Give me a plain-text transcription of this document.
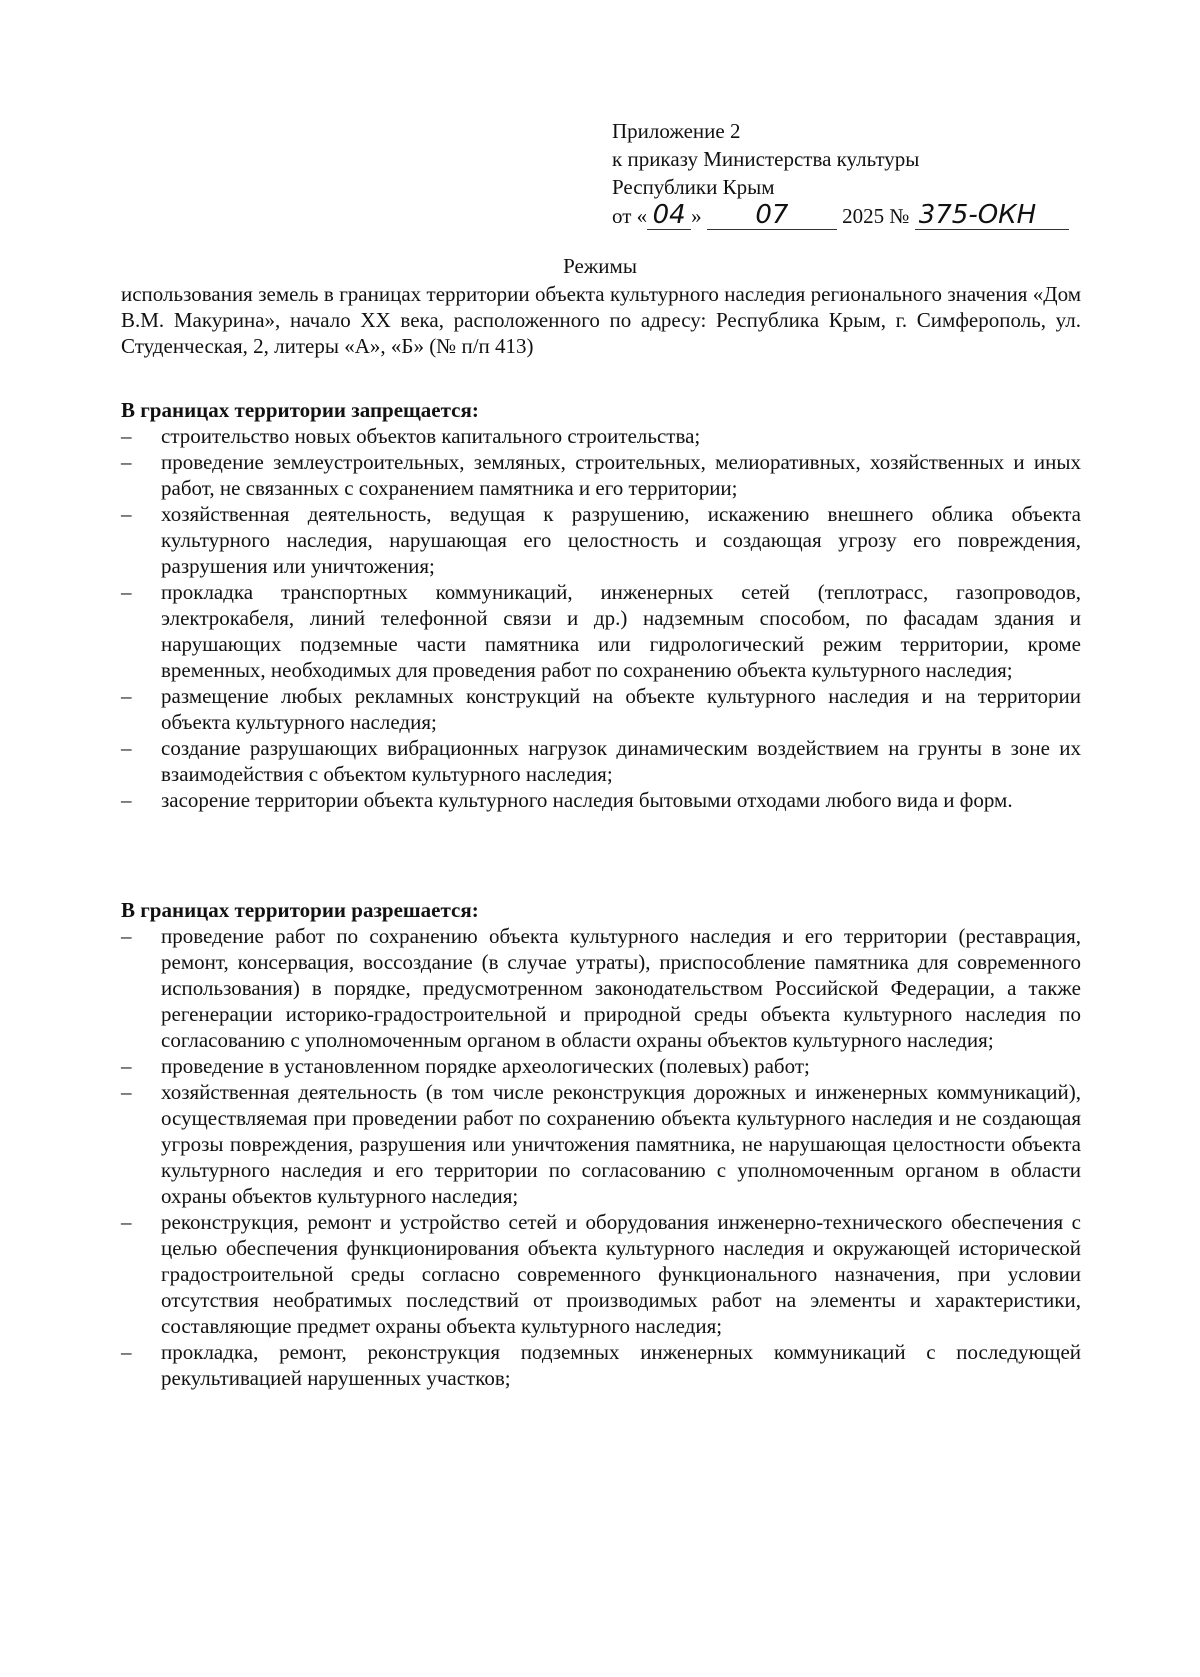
Приложение 2
к приказу Министерства культуры
Республики Крым
от « 04 » 07	2025 № 375-ОКН
Режимы
использования земель в границах территории объекта культурного наследия регионального значения «Дом В.М. Макурина», начало XX века, расположенного по адресу: Республика Крым, г. Симферополь, ул. Студенческая, 2, литеры «А», «Б» (№ п/п 413)
В границах территории запрещается:
– строительство новых объектов капитального строительства;
– проведение землеустроительных, земляных, строительных, мелиоративных, хозяйственных и иных работ, не связанных с сохранением памятника и его территории;
– хозяйственная деятельность, ведущая к разрушению, искажению внешнего облика объекта культурного наследия, нарушающая его целостность и создающая угрозу его повреждения, разрушения или уничтожения;
– прокладка транспортных коммуникаций, инженерных сетей (теплотрасс, газопроводов, электрокабеля, линий телефонной связи и др.) надземным способом, по фасадам здания и нарушающих подземные части памятника или гидрологический режим территории, кроме временных, необходимых для проведения работ по сохранению объекта культурного наследия;
– размещение любых рекламных конструкций на объекте культурного наследия и на территории объекта культурного наследия;
– создание разрушающих вибрационных нагрузок динамическим воздействием на грунты в зоне их взаимодействия с объектом культурного наследия;
– засорение территории объекта культурного наследия бытовыми отходами любого вида и форм.
В границах территории разрешается:
– проведение работ по сохранению объекта культурного наследия и его территории (реставрация, ремонт, консервация, воссоздание (в случае утраты), приспособление памятника для современного использования) в порядке, предусмотренном законодательством Российской Федерации, а также регенерации историко-градостроительной и природной среды объекта культурного наследия по согласованию с уполномоченным органом в области охраны объектов культурного наследия;
– проведение в установленном порядке археологических (полевых) работ;
– хозяйственная деятельность (в том числе реконструкция дорожных и инженерных коммуникаций), осуществляемая при проведении работ по сохранению объекта культурного наследия и не создающая угрозы повреждения, разрушения или уничтожения памятника, не нарушающая целостности объекта культурного наследия и его территории по согласованию с уполномоченным органом в области охраны объектов культурного наследия;
– реконструкция, ремонт и устройство сетей и оборудования инженерно-технического обеспечения с целью обеспечения функционирования объекта культурного наследия и окружающей исторической градостроительной среды согласно современного функционального назначения, при условии отсутствия необратимых последствий от производимых работ на элементы и характеристики, составляющие предмет охраны объекта культурного наследия;
– прокладка, ремонт, реконструкция подземных инженерных коммуникаций с последующей рекультивацией нарушенных участков;
